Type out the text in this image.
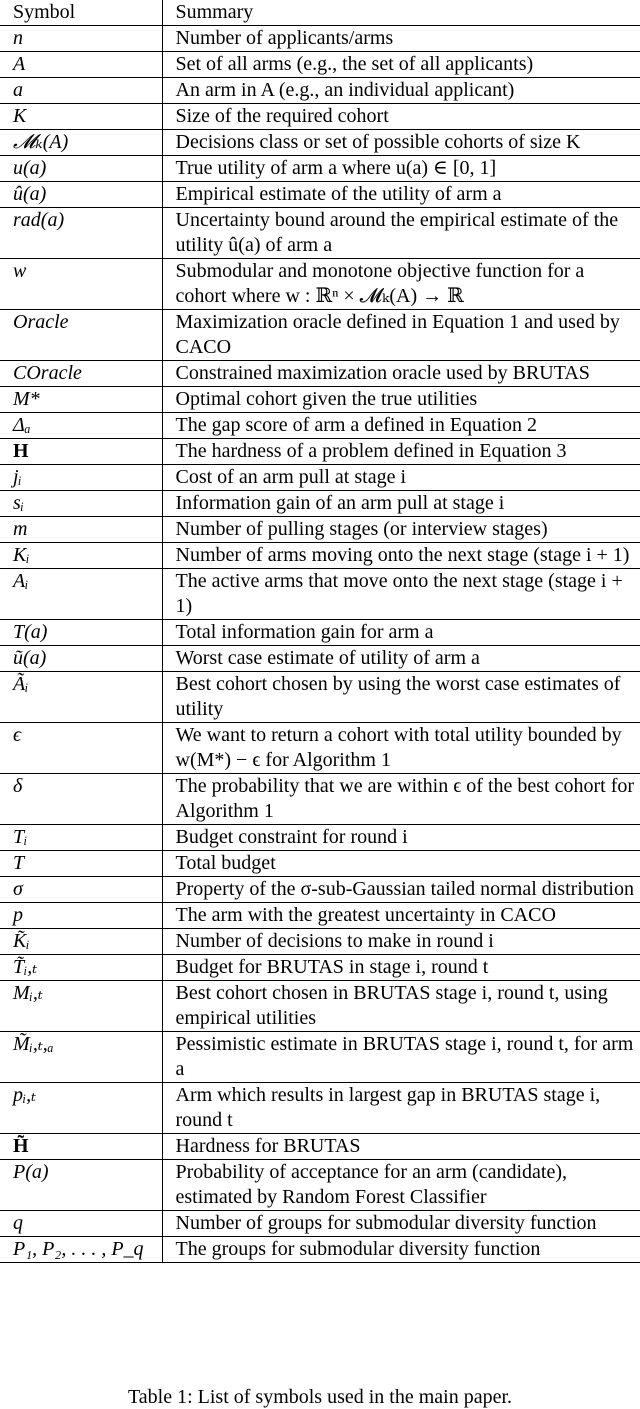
Symbol	Summary
n	Number of applicants/arms
A	Set of all arms (e.g., the set of all applicants)
a	An arm in A (e.g., an individual applicant)
K	Size of the required cohort
𝓜ₖ(A)	Decisions class or set of possible cohorts of size K
u(a)	True utility of arm a where u(a) ∈ [0, 1]
û(a)	Empirical estimate of the utility of arm a
rad(a)	Uncertainty bound around the empirical estimate of the utility û(a) of arm a
w	Submodular and monotone objective function for a cohort where w : ℝⁿ × 𝓜ₖ(A) → ℝ
Oracle	Maximization oracle defined in Equation 1 and used by CACO
COracle	Constrained maximization oracle used by BRUTAS
M*	Optimal cohort given the true utilities
Δₐ	The gap score of arm a defined in Equation 2
H	The hardness of a problem defined in Equation 3
jᵢ	Cost of an arm pull at stage i
sᵢ	Information gain of an arm pull at stage i
m	Number of pulling stages (or interview stages)
Kᵢ	Number of arms moving onto the next stage (stage i + 1)
Aᵢ	The active arms that move onto the next stage (stage i + 1)
T(a)	Total information gain for arm a
ũ(a)	Worst case estimate of utility of arm a
Ãᵢ	Best cohort chosen by using the worst case estimates of utility
ϵ	We want to return a cohort with total utility bounded by w(M*) − ϵ for Algorithm 1
δ	The probability that we are within ϵ of the best cohort for Algorithm 1
Tᵢ	Budget constraint for round i
T	Total budget
σ	Property of the σ-sub-Gaussian tailed normal distribution
p	The arm with the greatest uncertainty in CACO
K̃ᵢ	Number of decisions to make in round i
T̃ᵢ,ₜ	Budget for BRUTAS in stage i, round t
Mᵢ,ₜ	Best cohort chosen in BRUTAS stage i, round t, using empirical utilities
M̃ᵢ,ₜ,ₐ	Pessimistic estimate in BRUTAS stage i, round t, for arm a
pᵢ,ₜ	Arm which results in largest gap in BRUTAS stage i, round t
H̃	Hardness for BRUTAS
P(a)	Probability of acceptance for an arm (candidate), estimated by Random Forest Classifier
q	Number of groups for submodular diversity function
P₁, P₂, . . . , P_q	The groups for submodular diversity function
Table 1: List of symbols used in the main paper.
